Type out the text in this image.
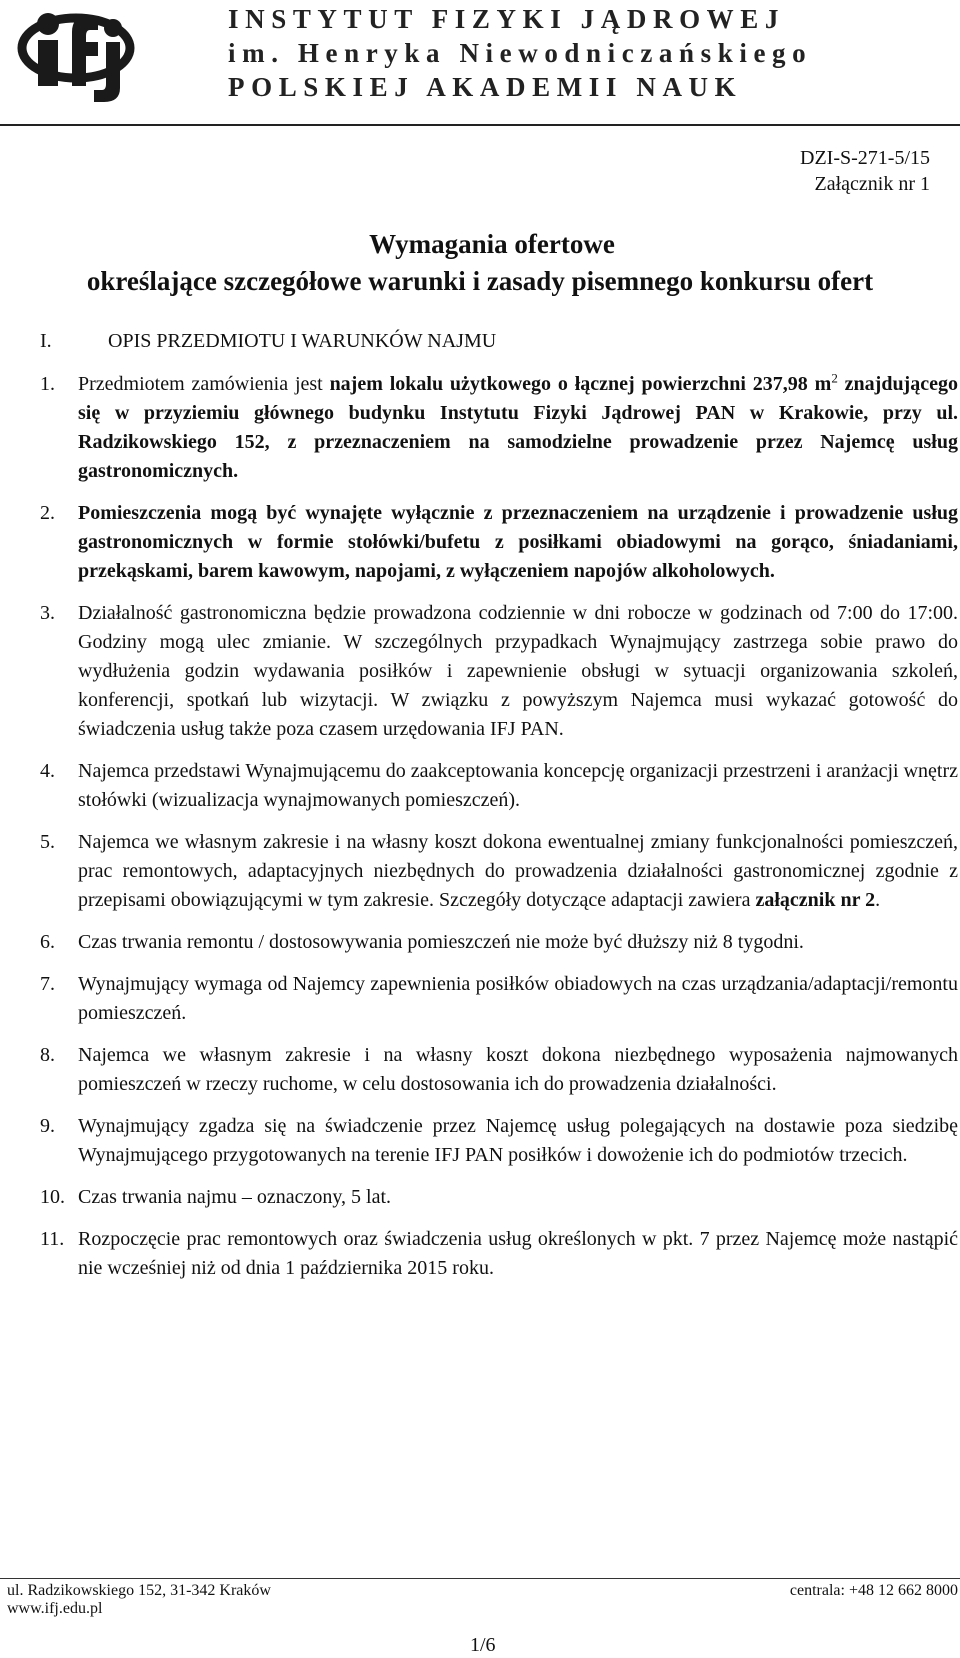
INSTYTUT FIZYKI JĄDROWEJ
im. Henryka Niewodniczańskiego
POLSKIEJ AKADEMII NAUK
DZI-S-271-5/15
Załącznik nr 1
Wymagania ofertowe
określające szczegółowe warunki i zasady pisemnego konkursu ofert
I.	OPIS PRZEDMIOTU I WARUNKÓW NAJMU
1. Przedmiotem zamówienia jest najem lokalu użytkowego o łącznej powierzchni 237,98 $m^2$ znajdującego się w przyziemiu głównego budynku Instytutu Fizyki Jądrowej PAN w Krakowie, przy ul. Radzikowskiego 152, z przeznaczeniem na samodzielne prowadzenie przez Najemcę usług gastronomicznych.
2. Pomieszczenia mogą być wynajęte wyłącznie z przeznaczeniem na urządzenie i prowadzenie usług gastronomicznych w formie stołówki/bufetu z posiłkami obiadowymi na gorąco, śniadaniami, przekąskami, barem kawowym, napojami, z wyłączeniem napojów alkoholowych.
3. Działalność gastronomiczna będzie prowadzona codziennie w dni robocze w godzinach od 7:00 do 17:00. Godziny mogą ulec zmianie. W szczególnych przypadkach Wynajmujący zastrzega sobie prawo do wydłużenia godzin wydawania posiłków i zapewnienie obsługi w sytuacji organizowania szkoleń, konferencji, spotkań lub wizytacji. W związku z powyższym Najemca musi wykazać gotowość do świadczenia usług także poza czasem urzędowania IFJ PAN.
4. Najemca przedstawi Wynajmującemu do zaakceptowania koncepcję organizacji przestrzeni i aranżacji wnętrz stołówki (wizualizacja wynajmowanych pomieszczeń).
5. Najemca we własnym zakresie i na własny koszt dokona ewentualnej zmiany funkcjonalności pomieszczeń, prac remontowych, adaptacyjnych niezbędnych do prowadzenia działalności gastronomicznej zgodnie z przepisami obowiązującymi w tym zakresie. Szczegóły dotyczące adaptacji zawiera załącznik nr 2.
6. Czas trwania remontu / dostosowywania pomieszczeń nie może być dłuższy niż 8 tygodni.
7. Wynajmujący wymaga od Najemcy zapewnienia posiłków obiadowych na czas urządzania/adaptacji/remontu pomieszczeń.
8. Najemca we własnym zakresie i na własny koszt dokona niezbędnego wyposażenia najmowanych pomieszczeń w rzeczy ruchome, w celu dostosowania ich do prowadzenia działalności.
9. Wynajmujący zgadza się na świadczenie przez Najemcę usług polegających na dostawie poza siedzibę Wynajmującego przygotowanych na terenie IFJ PAN posiłków i dowożenie ich do podmiotów trzecich.
10. Czas trwania najmu – oznaczony, 5 lat.
11. Rozpoczęcie prac remontowych oraz świadczenia usług określonych w pkt. 7 przez Najemcę może nastąpić nie wcześniej niż od dnia 1 października 2015 roku.
ul. Radzikowskiego 152, 31-342 Kraków
www.ifj.edu.pl
centrala: +48 12 662 8000
1/6
